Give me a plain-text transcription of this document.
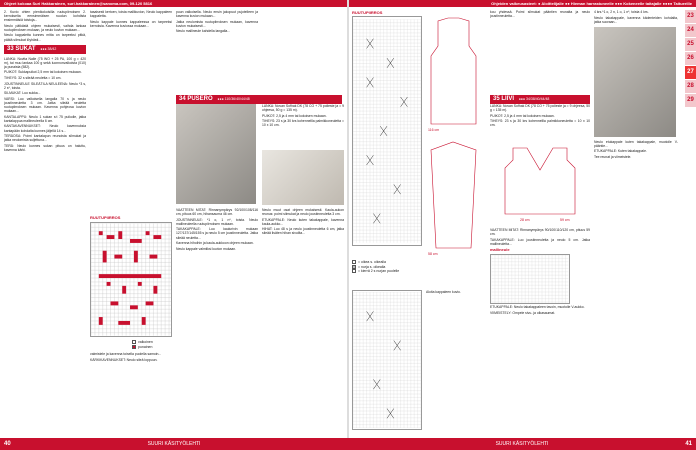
Ohjeet kokoaa Suri Hakkarainen, suri.hakkarainen@sanoma.com, 09-120 5816	Ohjeiden vaikeusasteet: ● Aloittelijalle ●● Hieman harrastuneelle ●●● Kokeneelle taitajalle ●●●● Taituerille

2. Kuvio ohten pienikokoisilla ruutupiirroksen 2. kerrokselta eensimmäisen ruudun kohdista ensimmäisiä toistoja...

Neulo pätkästä ohjeen mukaisesti, vaihda lankaa ruutupiirroksen mukaan, ja neulo kuvion mukaan...

Neulo kappaletta kunnes mitta on tarpeeksi pitkä, päätä silmukat löyhästi...

33 SUKAT ●●● 38/42

LANKA: Novita Nalle (75 WO + 25 PA, 100 g = 420 m), tai muu lankaa 100 g sekä luonnonvalkoista (010) ja punaista (582).

PUIKOT: Sukkapuikot 2,5 mm tai kokoisen mukaan.

TIHEYS: 32 s sileää neuletta = 10 cm.

JOUSTINNEULE SILEÄTILA NEULEENA: Neulo *3 s, 2 s*, toista.

SILMUKAT: Luo sukka...

VARSI: Luo valkoisella langalla 70 s ja neulo joustinneuletta 3 cm. Jatka sileää neuletta ruutupiirroksen mukaan. Kavenna pohjeosa kuvion mukaan...

KANTALAPPU: Neulo 1 sukan s:t 75 puikolle, jatka kantalappua mallineuleella 6 cm.

KANTAKAVENNUKSET: Neulo kavennuksia kantapään kohdalta kunnes jäljellä 14 s...

TERÄOSA: Poimi kantalapun reunoista silmukat ja jatka neulomista suljettuna...

TERÄ: Neulo kunnes sukan pituus on haluttu, kavenna kärki.

tasaisesti kertoen, toista mallikuvion, Neulo kappaleen kappaletta.

Neulo kappale kunnes kappaleessa on tarpeeksi kerroksia. Kavenna kuviossa mukaan...

RUUTUPIIRROS
valkoinen
punainen

valmistele ja kavenna toisella puolella samoin...

KÄRKIKAVENNUKSET: Neulo sileä loppuun.

puun valkoisella. Neulo ensin jakopuut pujotelleen ja kavenna kuvion mukaan...

Jatka neulomista ruutupiirroksen mukaan, kavenna kuvion mukaisesti...

Neulo mallineule kahdella langalla...

34 PUSERO ●●● 110/36/40/44/48

VAATTEEN MITAT: Rinnanympärys 92/100/108/116 cm, pituus 60 cm, hihansauma 46 cm.

JOUSTINNEULE: *1 o, 1 n*, toista. Neulo mallineuleella ruutupiirroksen mukaan.

TAKAKAPPALE: Luo kaulurivin mukaan 127/137/145/155 s ja neulo 5 cm joustinneuletta. Jatka sileää neuletta...

Kavenna hihoihin ja kaula-aukkoon ohjeen mukaan.

Neulo kappale valmiiksi kuvion mukaan.

LANKA: Novan Sofhak DK (78 CO + 75 polieste ja = 9 ohjeesa, 50 g = 135 m).

PUIKOT: 2,5 ja 4 mm tai kokoisen mukaan.

TIHEYS: 23 s ja 30 krs kohennellla palmikkoneuletta = 10 x 10 cm.

Neulo muut osat ohjeen mukaisesti. Kaula-aukon reunus: poimi silmukat ja neulo joustinneuletta 3 cm.

ETUKAPPALE: Neulo kuten takakappale, kavenna kaula-aukko...

HIHAT: Luo 48 s ja neulo joustinneuletta 6 cm, jatka sileää lisäten hihan sivuilta...

RUUTUPIIRROS
116 cm
58 cm
= oikea s. oikealla
= nurja s. oikealla
= kierrä 2 s nurjan puolelle

Aloita kappaleen kuvio.

kou yhdessä. Poimi silmukat pääntien reunalta ja neulo joustinneuletta...

35 LIIVI ●●● 34/38/40/44/48

LANKA: Novan Sofhak DK (78 CO + 75 polieste ja = 9 ohjeesa, 50 g = 135 m).

PUIKOT: 2,5 ja 4 mm tai kokoisen mukaan.

TIHEYS: 23 s ja 30 krs kohennellla palmikkoneuletta = 10 x 10 cm.

28 cm	59 cm

VAATTEEN MITAT: Rinnanympärys 90/100/110/120 cm, pituus 59 cm.

TAKAKAPPALE: Luo joustinneuletta ja neulo 5 cm. Jatka mallineuletta...

mallineule

ETUKAPPALE: Neulo takakappaleen tavoin, muotoile V-aukko.

VIIMEISTELY: Ompele sivu- ja olkasaumat.

4 krs.*1 o, 2 n, 1 o, 1 n*, toista 4 krs.

Neulo takakappale, kavenna kädenteiden kohdalta, jatka suoraan...

Neulo etukappale kuten takakappale, muotoile V-pääntie...

ETUKAPPALE: Kuten takakappale.

Tee reunat ja viimeistele.

23
24
25
26
27
28
29
SUURI KÄSITYÖLEHTI	SUURI KÄSITYÖLEHTI
40	41
